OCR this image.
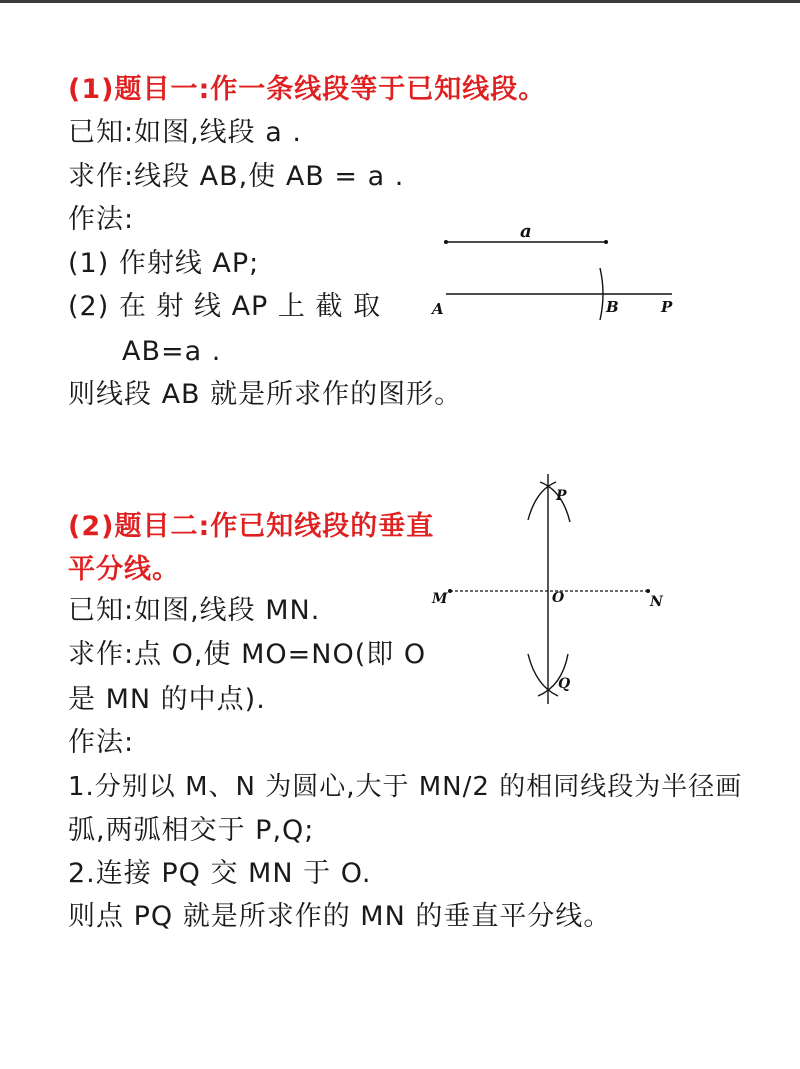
(1)题目一:作一条线段等于已知线段。
已知:如图,线段 a .
求作:线段 AB,使 AB = a .
作法:
(1) 作射线 AP;
(2) 在 射 线 AP 上 截 取
AB=a .
则线段 AB 就是所求作的图形。
a
A	B	P
(2)题目二:作已知线段的垂直
平分线。
已知:如图,线段 MN.
求作:点 O,使 MO=NO(即 O
是 MN 的中点).
作法:
1.分别以 M、N 为圆心,大于 MN/2 的相同线段为半径画
弧,两弧相交于 P,Q;
2.连接 PQ 交 MN 于 O.
则点 PQ 就是所求作的 MN 的垂直平分线。
P
O
M	N
Q
